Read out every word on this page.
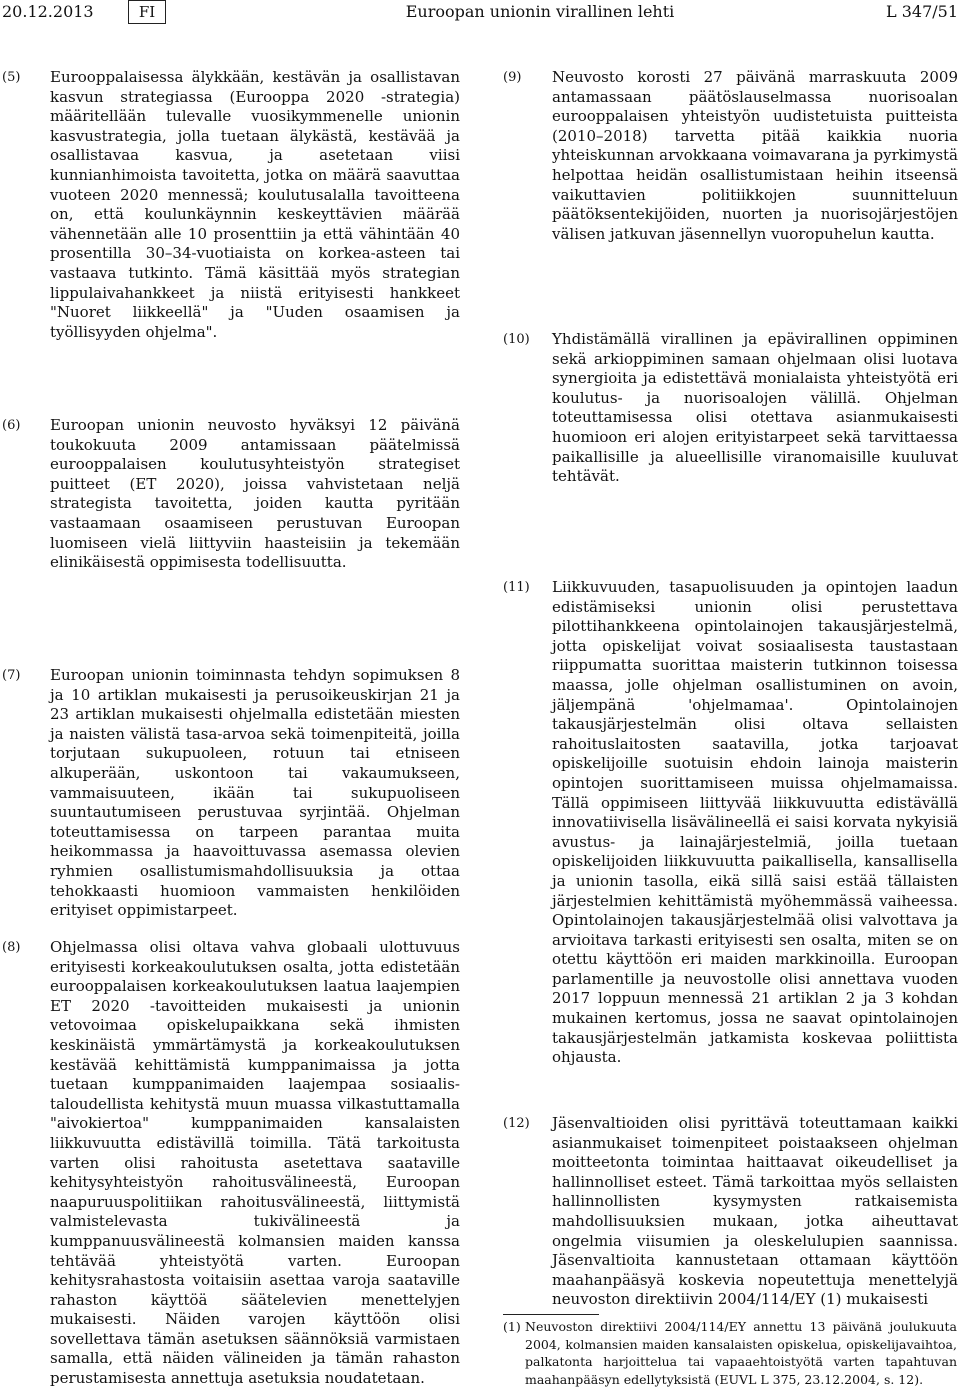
20.12.2013	FI	Euroopan unionin virallinen lehti	L 347/51
(5) Eurooppalaisessa älykkään, kestävän ja osallistavan kasvun strategiassa (Eurooppa 2020 -strategia) määritellään tulevalle vuosikymmenelle unionin kasvustrategia, jolla tuetaan älykästä, kestävää ja osallistavaa kasvua, ja asetetaan viisi kunnianhimoista tavoitetta, jotka on määrä saavuttaa vuoteen 2020 mennessä; koulutusalalla tavoitteena on, että koulunkäynnin keskeyttävien määrää vähennetään alle 10 prosenttiin ja että vähintään 40 prosentilla 30–34-vuotiaista on korkea-asteen tai vastaava tutkinto. Tämä käsittää myös strategian lippulaivahankkeet ja niistä erityisesti hankkeet "Nuoret liikkeellä" ja "Uuden osaamisen ja työllisyyden ohjelma".
(6) Euroopan unionin neuvosto hyväksyi 12 päivänä toukokuuta 2009 antamissaan päätelmissä eurooppalaisen koulutusyhteistyön strategiset puitteet (ET 2020), joissa vahvistetaan neljä strategista tavoitetta, joiden kautta pyritään vastaamaan osaamiseen perustuvan Euroopan luomiseen vielä liittyviin haasteisiin ja tekemään elinikäisestä oppimisesta todellisuutta.
(7) Euroopan unionin toiminnasta tehdyn sopimuksen 8 ja 10 artiklan mukaisesti ja perusoikeuskirjan 21 ja 23 artiklan mukaisesti ohjelmalla edistetään miesten ja naisten välistä tasa-arvoa sekä toimenpiteitä, joilla torjutaan sukupuoleen, rotuun tai etniseen alkuperään, uskontoon tai vakaumukseen, vammaisuuteen, ikään tai sukupuoliseen suuntautumiseen perustuvaa syrjintää. Ohjelman toteuttamisessa on tarpeen parantaa muita heikommassa ja haavoittuvassa asemassa olevien ryhmien osallistumismahdollisuuksia ja ottaa tehokkaasti huomioon vammaisten henkilöiden erityiset oppimistarpeet.
(8) Ohjelmassa olisi oltava vahva globaali ulottuvuus erityisesti korkeakoulutuksen osalta, jotta edistetään eurooppalaisen korkeakoulutuksen laatua laajempien ET 2020 -tavoitteiden mukaisesti ja unionin vetovoimaa opiskelupaikkana sekä ihmisten keskinäistä ymmärtämystä ja korkeakoulutuksen kestävää kehittämistä kumppanimaissa ja jotta tuetaan kumppanimaiden laajempaa sosiaalis-taloudellista kehitystä muun muassa vilkastuttamalla "aivokiertoa" kumppanimaiden kansalaisten liikkuvuutta edistävillä toimilla. Tätä tarkoitusta varten olisi rahoitusta asetettava saataville kehitysyhteistyön rahoitusvälineestä, Euroopan naapuruuspolitiikan rahoitusvälineestä, liittymistä valmistelevasta tukivälineestä ja kumppanuusvälineestä kolmansien maiden kanssa tehtävää yhteistyötä varten. Euroopan kehitysrahastosta voitaisiin asettaa varoja saataville rahaston käyttöä säätelevien menettelyjen mukaisesti. Näiden varojen käyttöön olisi sovellettava tämän asetuksen säännöksiä varmistaen samalla, että näiden välineiden ja tämän rahaston perustamisesta annettuja asetuksia noudatetaan.
(9) Neuvosto korosti 27 päivänä marraskuuta 2009 antamassaan päätöslauselmassa nuorisoalan eurooppalaisen yhteistyön uudistetuista puitteista (2010–2018) tarvetta pitää kaikkia nuoria yhteiskunnan arvokkaana voimavarana ja pyrkimystä helpottaa heidän osallistumistaan heihin itseensä vaikuttavien politiikkojen suunnitteluun päätöksentekijöiden, nuorten ja nuorisojärjestöjen välisen jatkuvan jäsennellyn vuoropuhelun kautta.
(10) Yhdistämällä virallinen ja epävirallinen oppiminen sekä arkioppiminen samaan ohjelmaan olisi luotava synergioita ja edistettävä monialaista yhteistyötä eri koulutus- ja nuorisoalojen välillä. Ohjelman toteuttamisessa olisi otettava asianmukaisesti huomioon eri alojen erityistarpeet sekä tarvittaessa paikallisille ja alueellisille viranomaisille kuuluvat tehtävät.
(11) Liikkuvuuden, tasapuolisuuden ja opintojen laadun edistämiseksi unionin olisi perustettava pilottihankkeena opintolainojen takausjärjestelmä, jotta opiskelijat voivat sosiaalisesta taustastaan riippumatta suorittaa maisterin tutkinnon toisessa maassa, jolle ohjelman osallistuminen on avoin, jäljempänä 'ohjelmamaa'. Opintolainojen takausjärjestelmän olisi oltava sellaisten rahoituslaitosten saatavilla, jotka tarjoavat opiskelijoille suotuisin ehdoin lainoja maisterin opintojen suorittamiseen muissa ohjelmamaissa. Tällä oppimiseen liittyvää liikkuvuutta edistävällä innovatiivisella lisävälineellä ei saisi korvata nykyisiä avustus- ja lainajärjestelmiä, joilla tuetaan opiskelijoiden liikkuvuutta paikallisella, kansallisella ja unionin tasolla, eikä sillä saisi estää tällaisten järjestelmien kehittämistä myöhemmässä vaiheessa. Opintolainojen takausjärjestelmää olisi valvottava ja arvioitava tarkasti erityisesti sen osalta, miten se on otettu käyttöön eri maiden markkinoilla. Euroopan parlamentille ja neuvostolle olisi annettava vuoden 2017 loppuun mennessä 21 artiklan 2 ja 3 kohdan mukainen kertomus, jossa ne saavat opintolainojen takausjärjestelmän jatkamista koskevaa poliittista ohjausta.
(12) Jäsenvaltioiden olisi pyrittävä toteuttamaan kaikki asianmukaiset toimenpiteet poistaakseen ohjelman moitteetonta toimintaa haittaavat oikeudelliset ja hallinnolliset esteet. Tämä tarkoittaa myös sellaisten hallinnollisten kysymysten ratkaisemista mahdollisuuksien mukaan, jotka aiheuttavat ongelmia viisumien ja oleskelulupien saannissa. Jäsenvaltioita kannustetaan ottamaan käyttöön maahanpääsyä koskevia nopeutettuja menettelyjä neuvoston direktiivin 2004/114/EY (1) mukaisesti
(1) Neuvoston direktiivi 2004/114/EY annettu 13 päivänä joulukuuta 2004, kolmansien maiden kansalaisten opiskelua, opiskelijavaihtoa, palkatonta harjoittelua tai vapaaehtoistyötä varten tapahtuvan maahanpääsyn edellytyksistä (EUVL L 375, 23.12.2004, s. 12).
